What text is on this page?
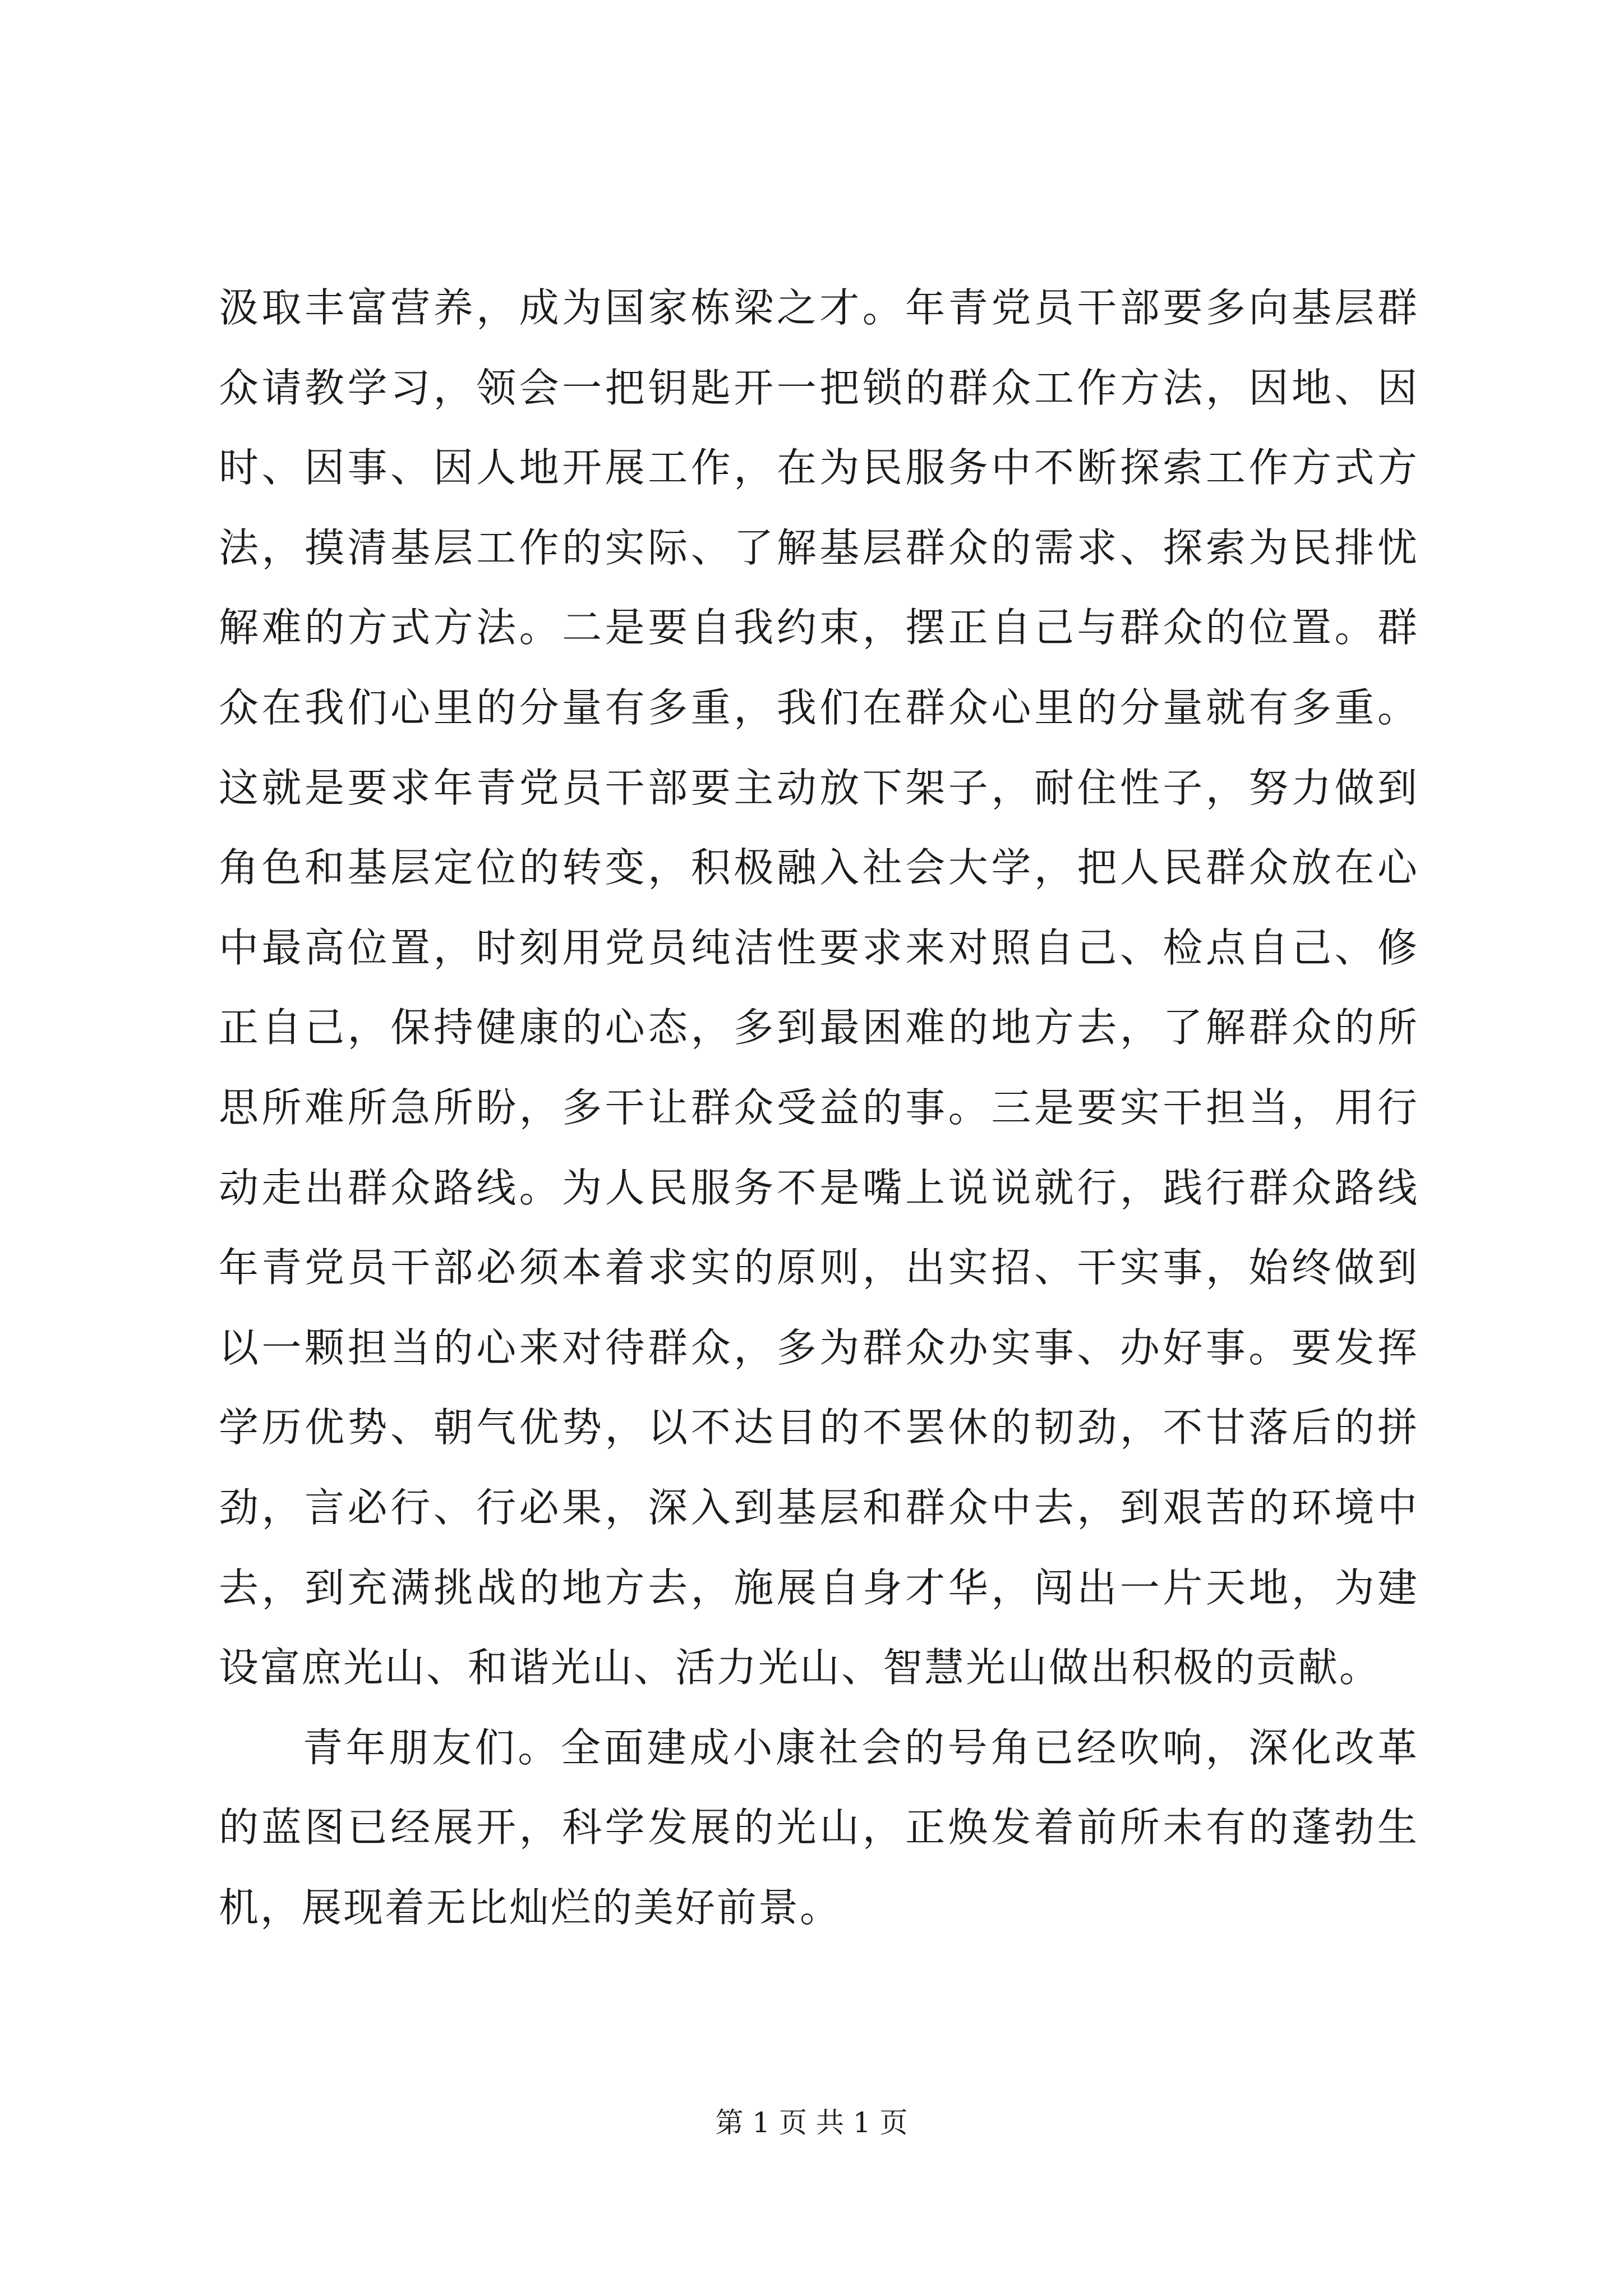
汲取丰富营养，成为国家栋梁之才。年青党员干部要多向基层群
众请教学习，领会一把钥匙开一把锁的群众工作方法，因地、因
时、因事、因人地开展工作，在为民服务中不断探索工作方式方
法，摸清基层工作的实际、了解基层群众的需求、探索为民排忧
解难的方式方法。二是要自我约束，摆正自己与群众的位置。群
众在我们心里的分量有多重，我们在群众心里的分量就有多重。
这就是要求年青党员干部要主动放下架子，耐住性子，努力做到
角色和基层定位的转变，积极融入社会大学，把人民群众放在心
中最高位置，时刻用党员纯洁性要求来对照自己、检点自己、修
正自己，保持健康的心态，多到最困难的地方去，了解群众的所
思所难所急所盼，多干让群众受益的事。三是要实干担当，用行
动走出群众路线。为人民服务不是嘴上说说就行，践行群众路线
年青党员干部必须本着求实的原则，出实招、干实事，始终做到
以一颗担当的心来对待群众，多为群众办实事、办好事。要发挥
学历优势、朝气优势，以不达目的不罢休的韧劲，不甘落后的拼
劲，言必行、行必果，深入到基层和群众中去，到艰苦的环境中
去，到充满挑战的地方去，施展自身才华，闯出一片天地，为建
设富庶光山、和谐光山、活力光山、智慧光山做出积极的贡献。
青年朋友们。全面建成小康社会的号角已经吹响，深化改革
的蓝图已经展开，科学发展的光山，正焕发着前所未有的蓬勃生
机，展现着无比灿烂的美好前景。
第 1 页 共 1 页
